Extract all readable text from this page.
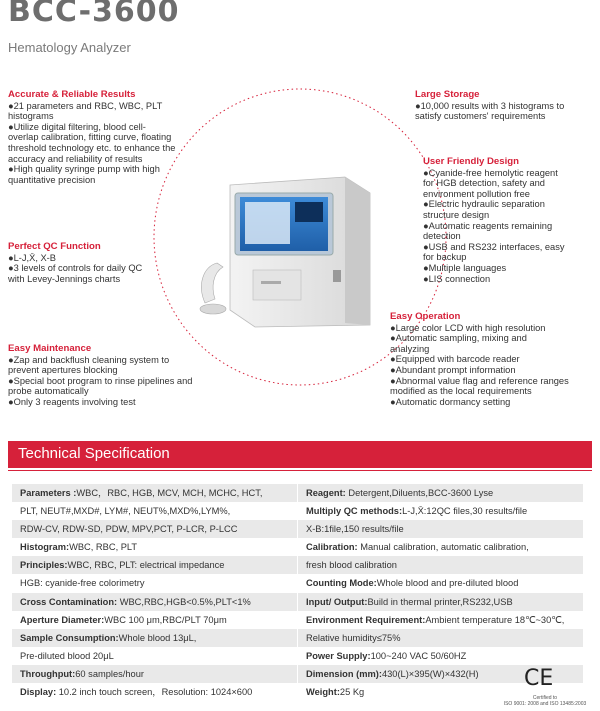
BCC-3600
Hematology Analyzer
Accurate & Reliable Results
●21 parameters and RBC, WBC, PLT
histograms
●Utilize digital filtering, blood cell-
overlap calibration, fitting curve, floating
threshold technology etc. to enhance the
accuracy and reliability of results
●High quality syringe pump with high
quantitative precision
Large Storage
●10,000 results with 3 histograms to
satisfy customers' requirements
User Friendly Design
●Cyanide-free hemolytic reagent
for HGB detection, safety and
environment pollution free
●Electric hydraulic separation
structure design
●Automatic reagents remaining
detection
●USB and RS232 interfaces, easy
for backup
●Multiple languages
●LIS connection
Perfect QC Function
●L-J,X̄, X-B
●3 levels of controls for daily QC
with Levey-Jennings charts
Easy Operation
●Large color LCD with high resolution
●Automatic sampling, mixing and
analyzing
●Equipped with barcode reader
●Abundant prompt information
●Abnormal value flag and reference ranges
modified as the local requirements
●Automatic dormancy setting
Easy Maintenance
●Zap and backflush cleaning system to
prevent apertures blocking
●Special boot program to rinse pipelines and
probe automatically
●Only 3 reagents involving test
Technical Specification
Parameters :WBC，RBC, HGB, MCV, MCH, MCHC, HCT,
PLT, NEUT#,MXD#, LYM#, NEUT%,MXD%,LYM%,
RDW-CV, RDW-SD, PDW, MPV,PCT, P-LCR, P-LCC
Histogram:WBC, RBC, PLT
Principles:WBC, RBC, PLT: electrical impedance
HGB: cyanide-free colorimetry
Cross Contamination: WBC,RBC,HGB<0.5%,PLT<1%
Aperture Diameter:WBC 100 μm,RBC/PLT 70μm
Sample Consumption:Whole blood 13μL,
Pre-diluted blood 20μL
Throughput:60 samples/hour
Display: 10.2 inch touch screen，Resolution: 1024×600
Reagent: Detergent,Diluents,BCC-3600 Lyse
Multiply QC methods:L-J,X̄:12QC files,30 results/file
X-B:1file,150 results/file
Calibration: Manual calibration, automatic calibration,
fresh blood calibration
Counting Mode:Whole blood and pre-diluted blood
Input/ Output:Build in thermal printer,RS232,USB
Environment Requirement:Ambient temperature 18℃~30℃,
Relative humidity≤75%
Power Supply:100~240 VAC 50/60HZ
Dimension (mm):430(L)×395(W)×432(H)
Weight:25 Kg
CE
Certified to
ISO 9001: 2008 and ISO 13485:2003
